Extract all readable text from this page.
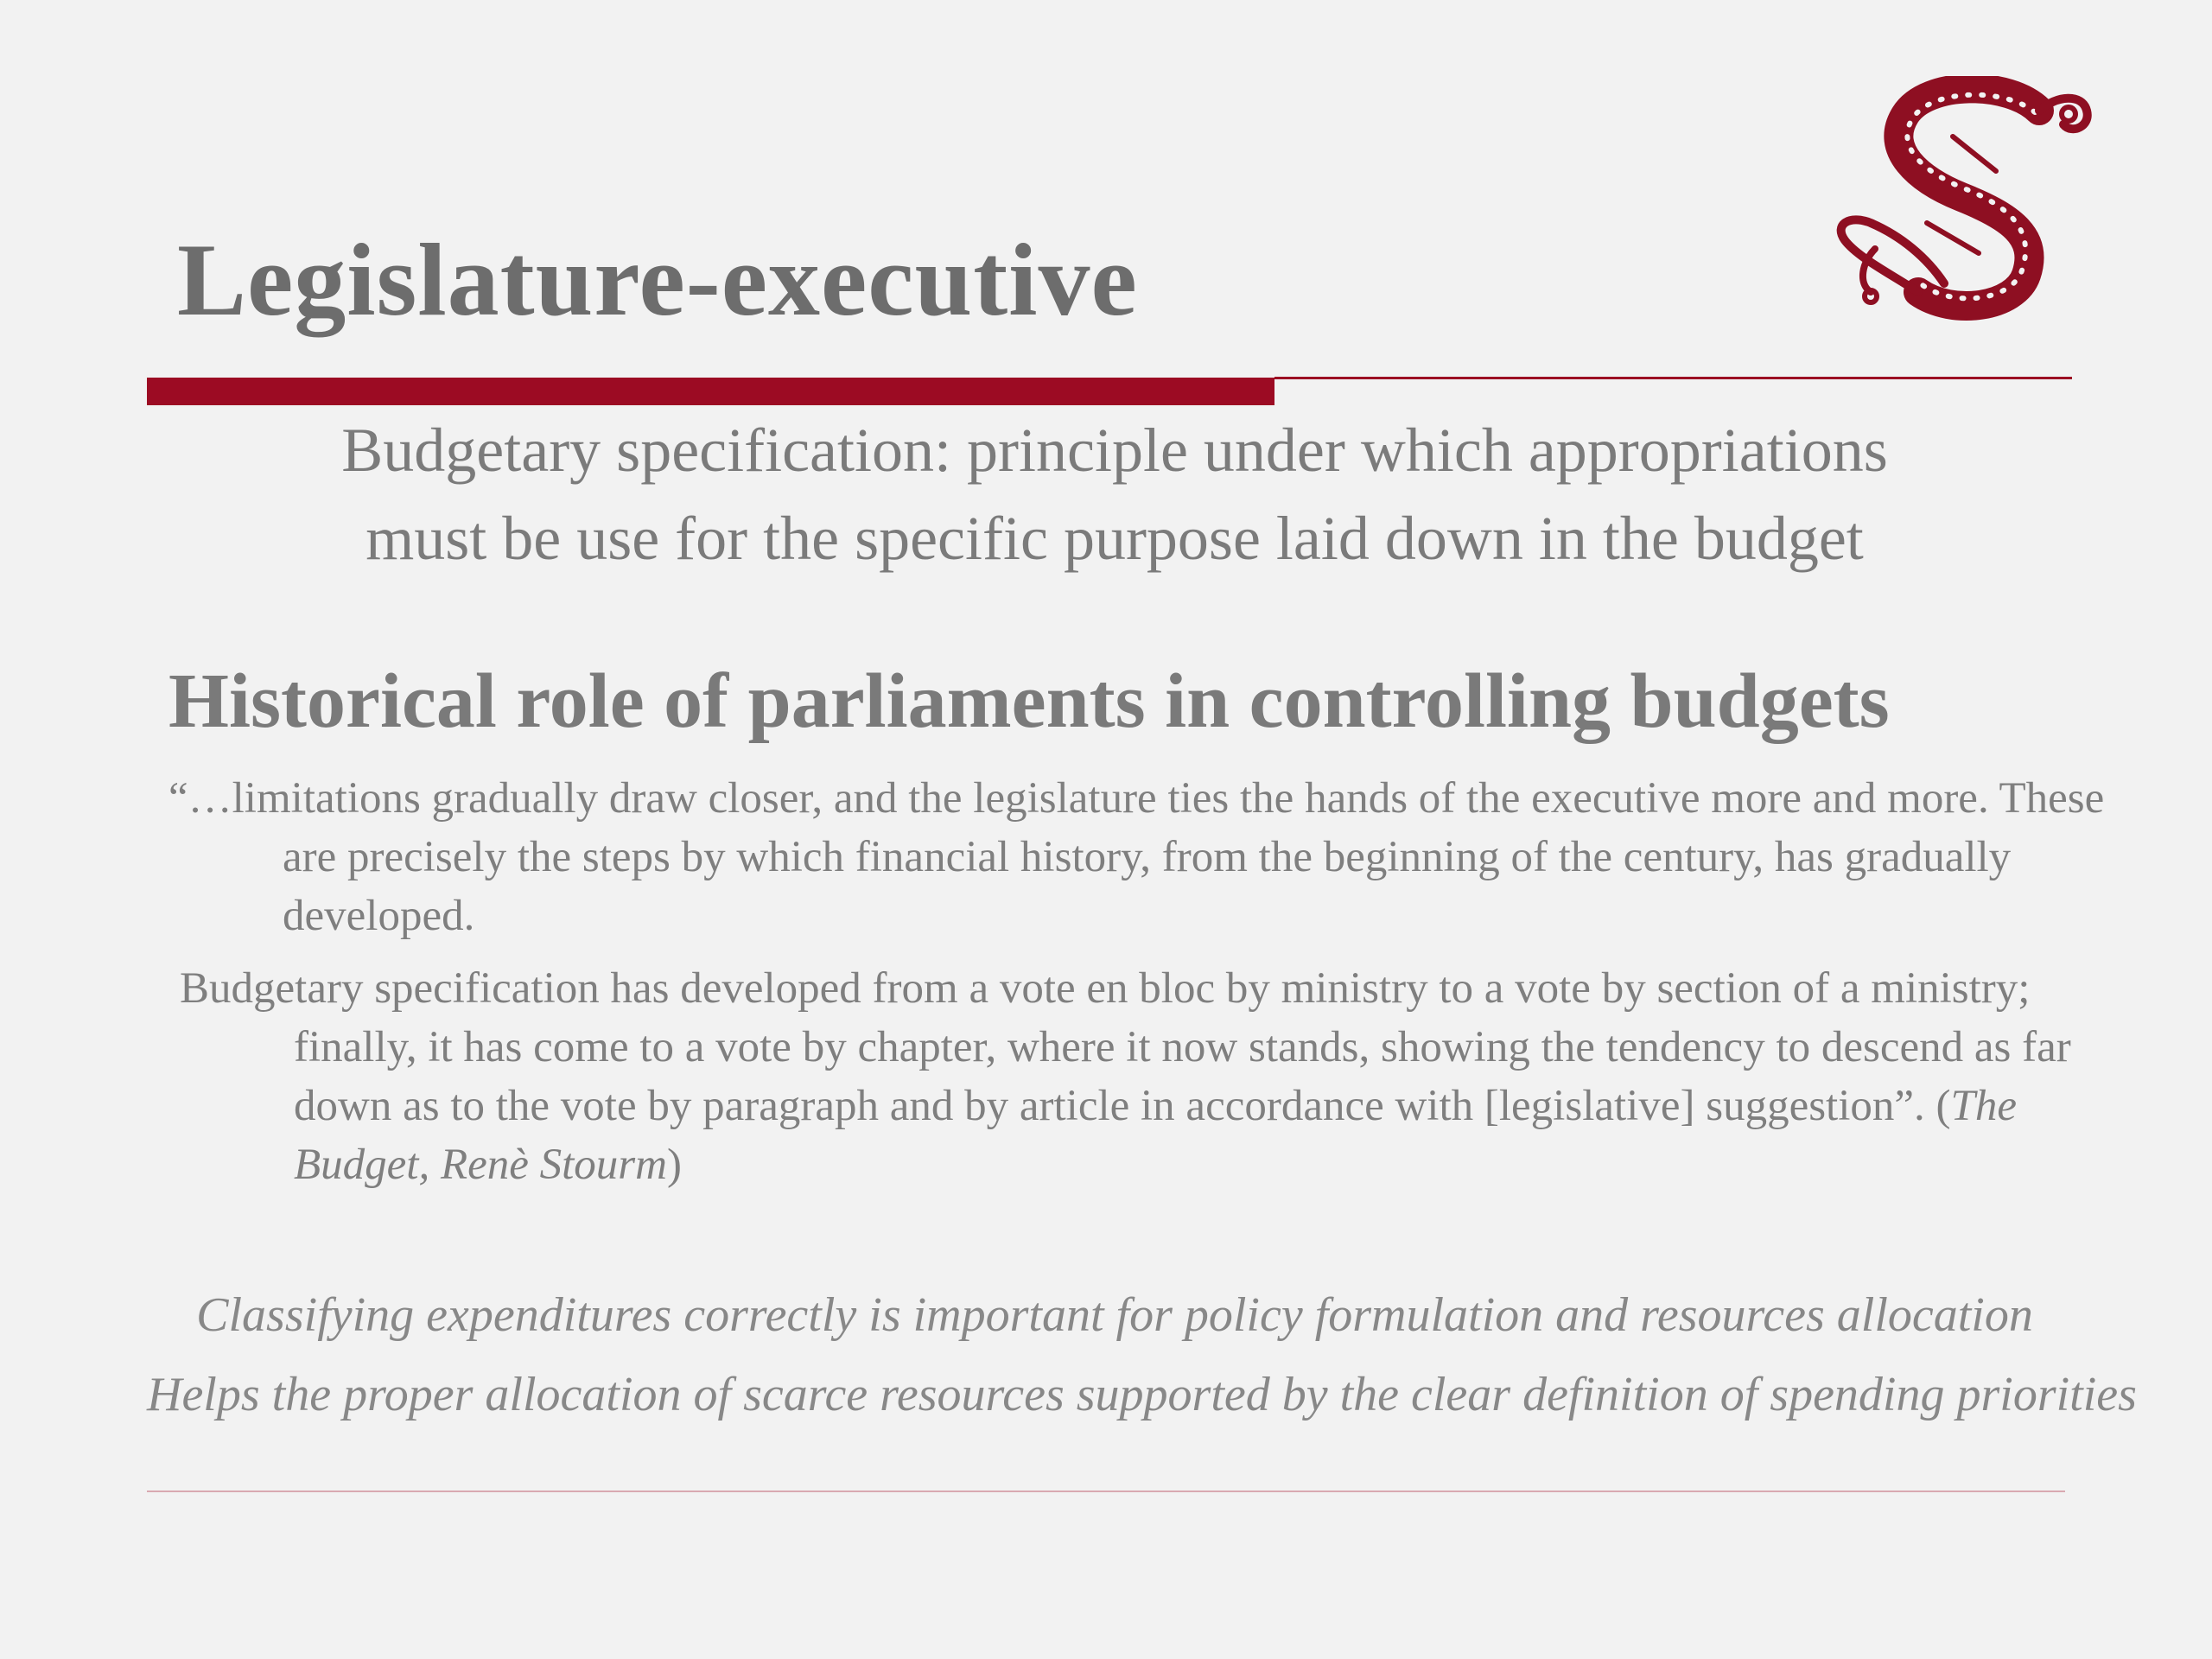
Legislature-executive

Budgetary specification: principle under which appropriations
must be use for the specific purpose laid down in the budget

Historical role of parliaments in controlling budgets

“…limitations gradually draw closer, and the legislature ties the hands of the executive more and more. These are precisely the steps by which financial history, from the beginning of the century, has gradually developed.

Budgetary specification has developed from a vote en bloc by ministry to a vote by section of a ministry; finally, it has come to a vote by chapter, where it now stands, showing the tendency to descend as far down as to the vote by paragraph and by article in accordance with [legislative] suggestion”. (The Budget, Renè Stourm)

Classifying expenditures correctly is important for policy formulation and resources allocation

Helps the proper allocation of scarce resources supported by the clear definition of spending priorities
